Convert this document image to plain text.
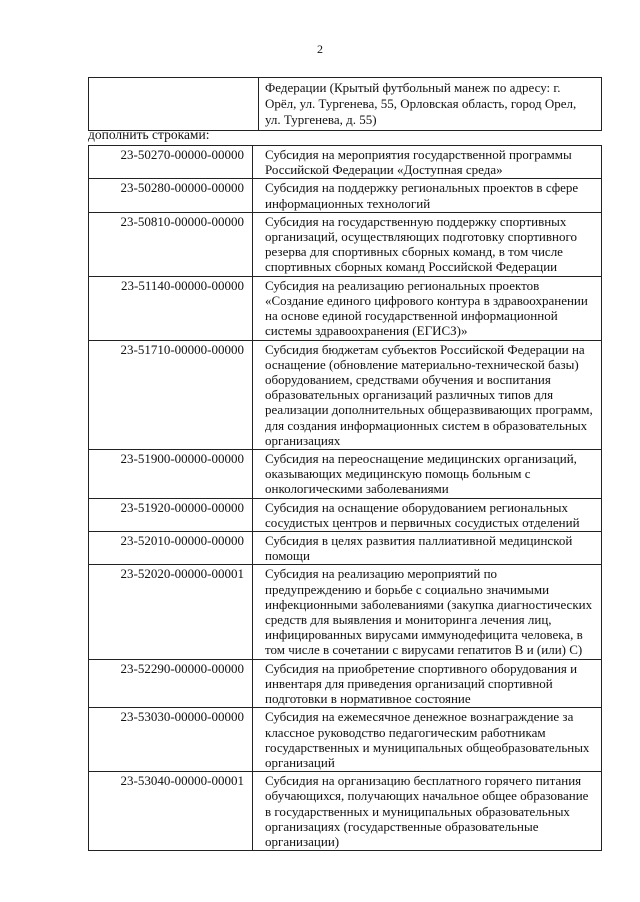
2
	Федерации (Крытый футбольный манеж по адресу: г. Орёл, ул. Тургенева, 55, Орловская область, город Орел, ул. Тургенева, д. 55)
дополнить строками:
23-50270-00000-00000	Субсидия на мероприятия государственной программы Российской Федерации «Доступная среда»
23-50280-00000-00000	Субсидия на поддержку региональных проектов в сфере информационных технологий
23-50810-00000-00000	Субсидия на государственную поддержку спортивных организаций, осуществляющих подготовку спортивного резерва для спортивных сборных команд, в том числе спортивных сборных команд Российской Федерации
23-51140-00000-00000	Субсидия на реализацию региональных проектов «Создание единого цифрового контура в здравоохранении на основе единой государственной информационной системы здравоохранения (ЕГИСЗ)»
23-51710-00000-00000	Субсидия бюджетам субъектов Российской Федерации на оснащение (обновление материально-технической базы) оборудованием, средствами обучения и воспитания образовательных организаций различных типов для реализации дополнительных общеразвивающих программ, для создания информационных систем в образовательных организациях
23-51900-00000-00000	Субсидия на переоснащение медицинских организаций, оказывающих медицинскую помощь больным с онкологическими заболеваниями
23-51920-00000-00000	Субсидия на оснащение оборудованием региональных сосудистых центров и первичных сосудистых отделений
23-52010-00000-00000	Субсидия в целях развития паллиативной медицинской помощи
23-52020-00000-00001	Субсидия на реализацию мероприятий по предупреждению и борьбе с социально значимыми инфекционными заболеваниями (закупка диагностических средств для выявления и мониторинга лечения лиц, инфицированных вирусами иммунодефицита человека, в том числе в сочетании с вирусами гепатитов B и (или) C)
23-52290-00000-00000	Субсидия на приобретение спортивного оборудования и инвентаря для приведения организаций спортивной подготовки в нормативное состояние
23-53030-00000-00000	Субсидия на ежемесячное денежное вознаграждение за классное руководство педагогическим работникам государственных и муниципальных общеобразовательных организаций
23-53040-00000-00001	Субсидия на организацию бесплатного горячего питания обучающихся, получающих начальное общее образование в государственных и муниципальных образовательных организациях (государственные образовательные организации)
